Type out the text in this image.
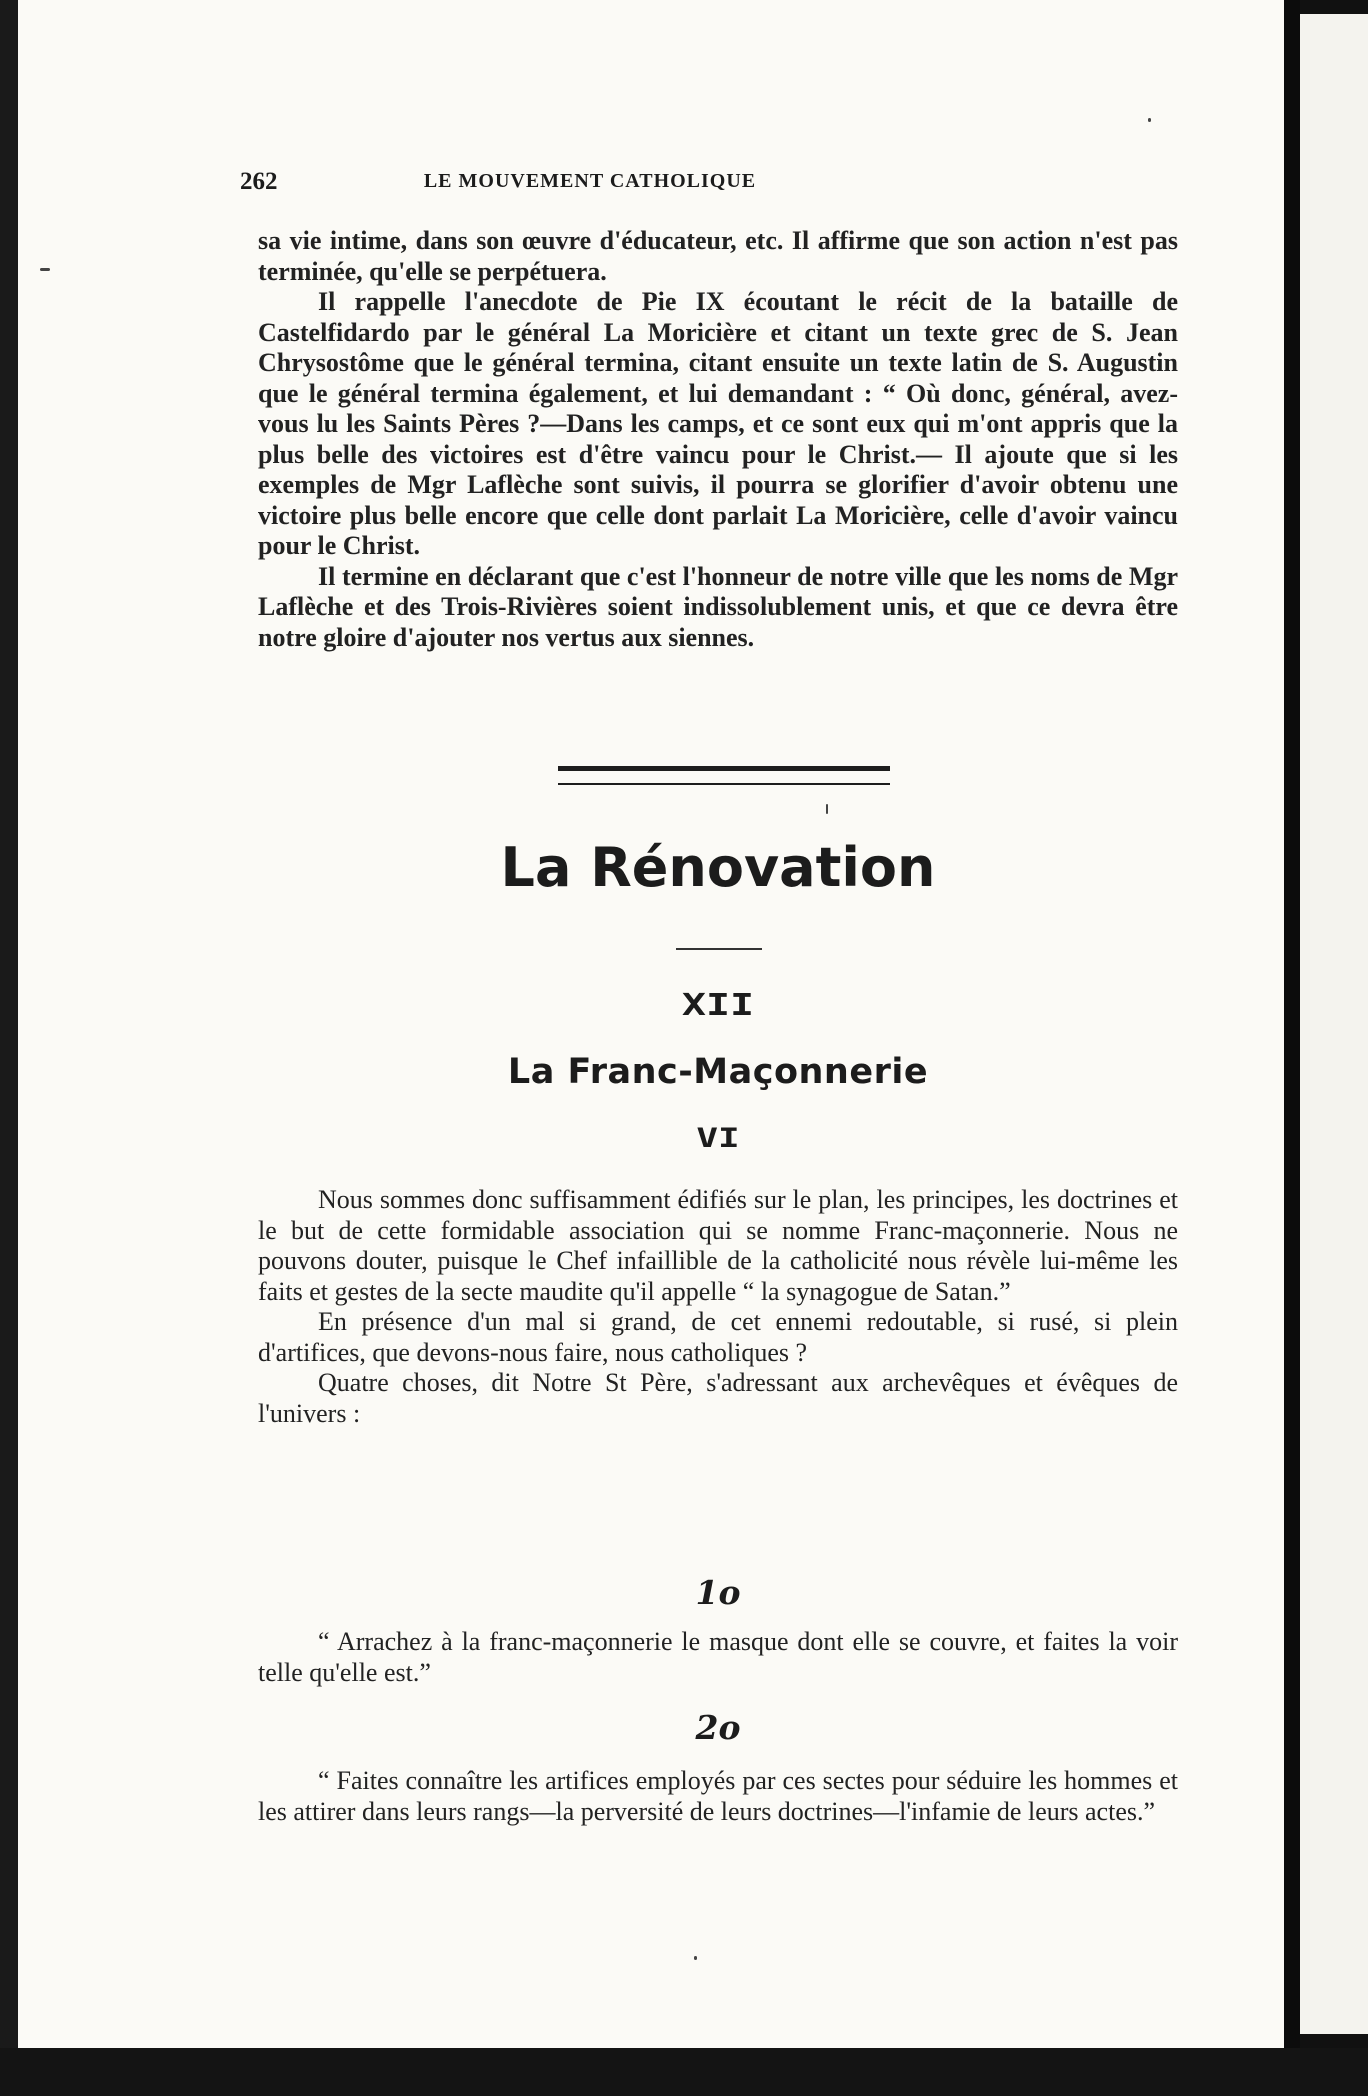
262	LE MOUVEMENT CATHOLIQUE

sa vie intime, dans son œuvre d'éducateur, etc. Il affirme que son action n'est pas terminée, qu'elle se perpétuera.

Il rappelle l'anecdote de Pie IX écoutant le récit de la bataille de Castelfidardo par le général La Moricière et citant un texte grec de S. Jean Chrysostôme que le général termina, citant ensuite un texte latin de S. Augustin que le général termina également, et lui demandant : “ Où donc, général, avez-vous lu les Saints Pères ?—Dans les camps, et ce sont eux qui m'ont appris que la plus belle des victoires est d'être vaincu pour le Christ.— Il ajoute que si les exemples de Mgr Laflèche sont suivis, il pourra se glorifier d'avoir obtenu une victoire plus belle encore que celle dont parlait La Moricière, celle d'avoir vaincu pour le Christ.

Il termine en déclarant que c'est l'honneur de notre ville que les noms de Mgr Laflèche et des Trois-Rivières soient indissolublement unis, et que ce devra être notre gloire d'ajouter nos vertus aux siennes.

La Rénovation
XII
La Franc-Maçonnerie
VI

Nous sommes donc suffisamment édifiés sur le plan, les principes, les doctrines et le but de cette formidable association qui se nomme Franc-maçonnerie. Nous ne pouvons douter, puisque le Chef infaillible de la catholicité nous révèle lui-même les faits et gestes de la secte maudite qu'il appelle “ la synagogue de Satan.”

En présence d'un mal si grand, de cet ennemi redoutable, si rusé, si plein d'artifices, que devons-nous faire, nous catholiques ?

Quatre choses, dit Notre St Père, s'adressant aux archevêques et évêques de l'univers :

1o

“ Arrachez à la franc-maçonnerie le masque dont elle se couvre, et faites la voir telle qu'elle est.”

2o

“ Faites connaître les artifices employés par ces sectes pour séduire les hommes et les attirer dans leurs rangs—la perversité de leurs doctrines—l'infamie de leurs actes.”
